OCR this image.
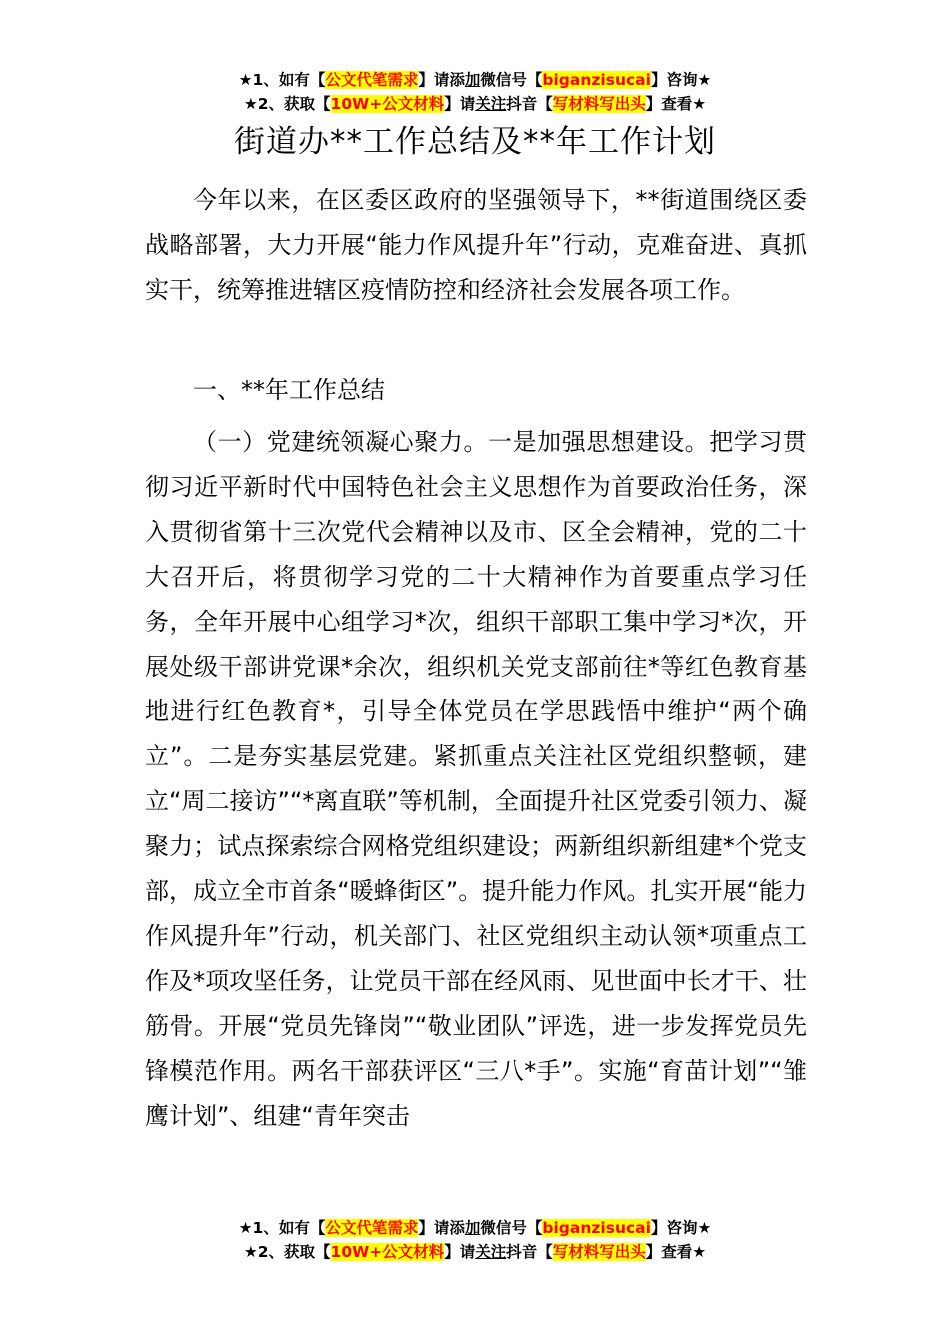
★1、如有【公文代笔需求】请添加微信号【biganzisucai】咨询★
★2、获取【10W+公文材料】请关注抖音【写材料写出头】查看★
街道办**工作总结及**年工作计划

今年以来，在区委区政府的坚强领导下，**街道围绕区委战略部署，大力开展“能力作风提升年”行动，克难奋进、真抓实干，统筹推进辖区疫情防控和经济社会发展各项工作。

一、**年工作总结

（一）党建统领凝心聚力。一是加强思想建设。把学习贯彻习近平新时代中国特色社会主义思想作为首要政治任务，深入贯彻省第十三次党代会精神以及市、区全会精神，党的二十大召开后，将贯彻学习党的二十大精神作为首要重点学习任务，全年开展中心组学习*次，组织干部职工集中学习*次，开展处级干部讲党课*余次，组织机关党支部前往*等红色教育基地进行红色教育*，引导全体党员在学思践悟中维护“两个确立”。二是夯实基层党建。紧抓重点关注社区党组织整顿，建立“周二接访”“*离直联”等机制，全面提升社区党委引领力、凝聚力；试点探索综合网格党组织建设；两新组织新组建*个党支部，成立全市首条“暖蜂街区”。提升能力作风。扎实开展“能力作风提升年”行动，机关部门、社区党组织主动认领*项重点工作及*项攻坚任务，让党员干部在经风雨、见世面中长才干、壮筋骨。开展“党员先锋岗”“敬业团队”评选，进一步发挥党员先锋模范作用。两名干部获评区“三八*手”。实施“育苗计划”“雏鹰计划”、组建“青年突击

★1、如有【公文代笔需求】请添加微信号【biganzisucai】咨询★
★2、获取【10W+公文材料】请关注抖音【写材料写出头】查看★
